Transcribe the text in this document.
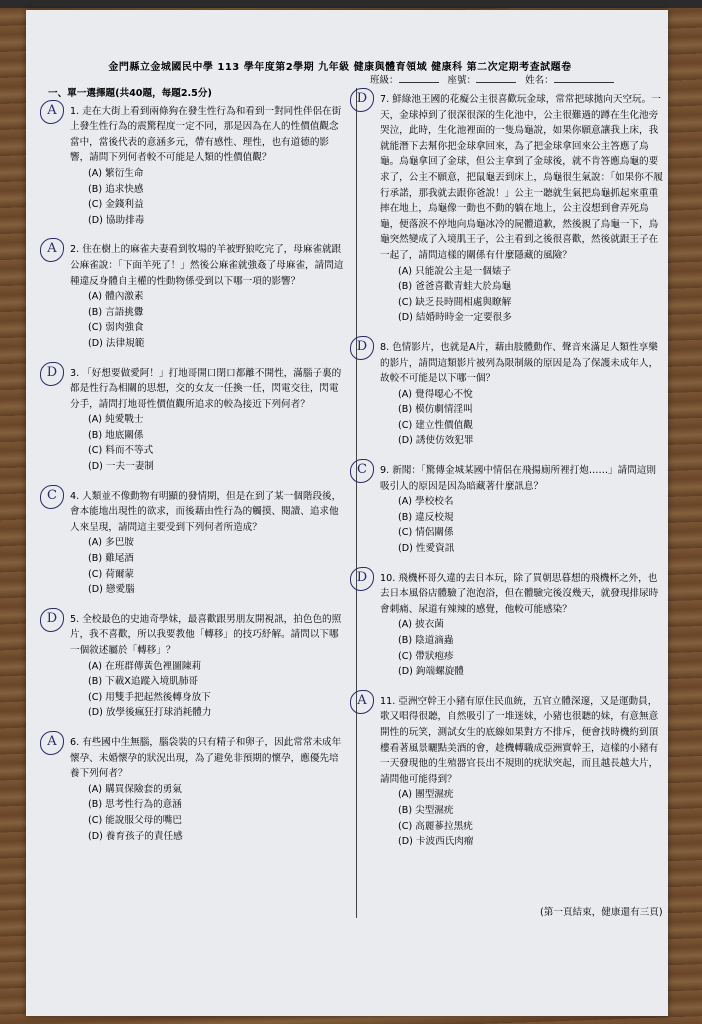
金門縣立金城國民中學 113 學年度第2學期 九年級 健康與體育領域 健康科 第二次定期考查試題卷
班級：	座號：	姓名：
一、單一選擇題(共40題，每題2.5分)
A	1. 走在大街上看到兩條狗在發生性行為和看到一對同性伴侶在街上發生性行為的震驚程度一定不同，那是因為在人的性價值觀念當中，當後代表的意涵多元，帶有感性、理性，也有道德的影響，請問下列何者較不可能是人類的性價值觀？
(A) 繁衍生命
(B) 追求快感
(C) 金錢利益
(D) 協助排毒
A	2. 住在樹上的麻雀夫妻看到牧場的羊被野狼吃完了，母麻雀就跟公麻雀說：「下面羊死了！」然後公麻雀就強姦了母麻雀，請問這種違反身體自主權的性動物係受到以下哪一項的影響？
(A) 體內激素
(B) 言語挑釁
(C) 弱肉強食
(D) 法律規範
D	3. 「好想要做愛阿！」打地哥開口閉口都離不開性，滿腦子裏的都是性行為相關的思想，交的女友一任換一任，閃電交往，閃電分手，請問打地哥性價值觀所追求的較為接近下列何者？
(A) 純愛戰士
(B) 地底關係
(C) 料而不等式
(D) 一夫一妻制
C	4. 人類並不像動物有明顯的發情期，但是在到了某一個階段後，會本能地出現性的欲求，而後藉由性行為的觸摸、閱讀、追求他人來呈現，請問這主要受到下列何者所造成？
(A) 多巴胺
(B) 雞尾酒
(C) 荷爾蒙
(D) 戀愛腦
D	5. 全校最色的史迪奇學妹，最喜歡跟男朋友開視訊，拍色色的照片，我不喜歡，所以我要教他「轉移」的技巧紓解。請問以下哪一個敘述屬於「轉移」？
(A) 在班群傳黃色裡圖陳莉
(B) 下載X追蹤入境肌肺哥
(C) 用雙手把起然後轉身放下
(D) 放學後瘋狂打球消耗體力
A	6. 有些國中生無腦，腦袋裝的只有精子和卵子，因此常常未成年懷孕、未婚懷孕的狀況出現，為了避免非預期的懷孕，應優先培養下列何者？
(A) 購買保險套的勇氣
(B) 思考性行為的意涵
(C) 能說服父母的嘴巴
(D) 養育孩子的責任感
D	7. 鮮綠池王國的花癡公主很喜歡玩金球，常常把球拋向天空玩。一天，金球掉到了很深很深的生化池中，公主很難過的蹲在生化池旁哭泣，此時，生化池裡面的一隻烏龜說，如果你願意讓我上床，我就能潛下去幫你把金球拿回來，為了把金球拿回來公主答應了烏龜。烏龜拿回了金球，但公主拿到了金球後，就不肯答應烏龜的要求了，公主不願意，把鼠龜丟到床上，烏龜很生氣說：「如果你不履行承諾，那我就去跟你爸說！」公主一聽就生氣把烏龜抓起來重重摔在地上，烏龜像一動也不動的躺在地上，公主沒想到會弄死烏龜，便落淚不停地向烏龜冰冷的屍體道歉，然後親了烏龜一下，烏龜突然變成了入境肌王子，公主看到之後很喜歡，然後就跟王子在一起了，請問這樣的關係有什麼隱藏的風險？
(A) 只能說公主是一個婊子
(B) 爸爸喜歡青蛙大於烏龜
(C) 缺乏長時間相處與瞭解
(D) 結婚時時金一定要很多
D	8. 色情影片，也就是A片，藉由肢體動作、聲音來滿足人類性享樂的影片，請問這類影片被列為限制級的原因是為了保護未成年人，故較不可能是以下哪一個？
(A) 覺得噁心不悅
(B) 模仿劇情淫叫
(C) 建立性價值觀
(D) 誘使仿效犯罪
C	9. 新聞：「驚傳金城某國中情侶在飛揚廁所裡打炮……」請問這則吸引人的原因是因為暗藏著什麼訊息？
(A) 學校校名
(B) 違反校規
(C) 情侶關係
(D) 性愛資訊
D	10. 飛機杯哥久違的去日本玩，除了買朝思暮想的飛機杯之外，也去日本風俗店體驗了泡泡浴，但在體驗完後沒幾天，就發現排尿時會刺痛、尿道有辣辣的感覺，他較可能感染？
(A) 披衣菌
(B) 陰道滴蟲
(C) 帶狀疱疹
(D) 鉤端螺旋體
A	11. 亞洲空幹王小豬有原住民血統，五官立體深邃，又是運動員，歌又唱得很聽，自然吸引了一堆迷妹，小豬也很聽的妹，有意無意開性的玩笑，測試女生的底線如果對方不排斥，便會找時機約到頂樓看著風景曬點美酒的會，趁機轉職成亞洲實幹王，這樣的小豬有一天發現他的生殖器官長出不規則的疣狀突起，而且越長越大片，請問他可能得到？
(A) 團型濕疣
(B) 尖型濕疣
(C) 高麗蔘拉黑疣
(D) 卡波西氏肉瘤
(第一頁結束，健康還有三頁)
